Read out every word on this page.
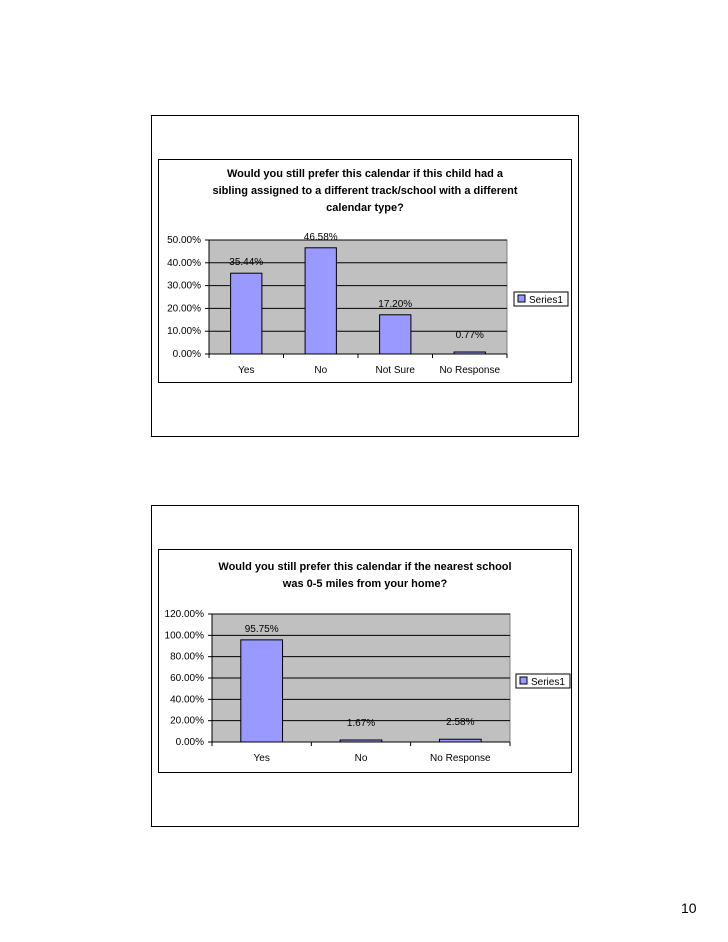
Would you still prefer this calendar if this child had a
sibling assigned to a different track/school with a different
calendar type?
0.00%
10.00%
20.00%
30.00%
40.00%
50.00%
Yes
35.44%
No
46.58%
Not Sure
17.20%
No Response
0.77%
Series1
Would you still prefer this calendar if the nearest school
was 0-5 miles from your home?
0.00%
20.00%
40.00%
60.00%
80.00%
100.00%
120.00%
Yes
95.75%
No
1.67%
No Response
2.58%
Series1
10
